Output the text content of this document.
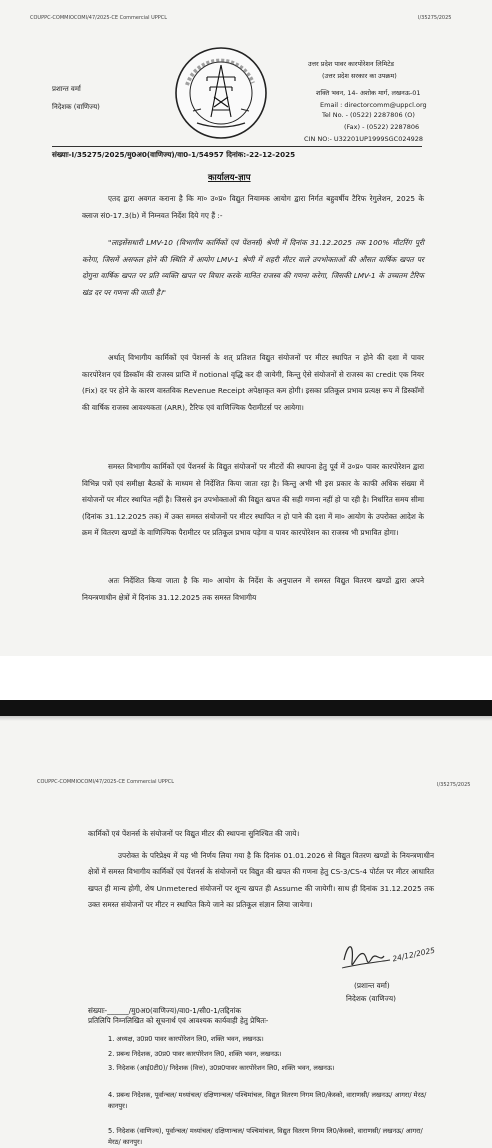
COUPPC-COMMIOCOMI/47/2025-CE Commercial UPPCL	I/35275/2025
प्रशान्त वर्मा
निदेशक (वाणिज्य)
उत्तर प्रदेश पावर कारपोरेशन लिमिटेड
(उत्तर प्रदेश सरकार का उपक्रम)
शक्ति भवन, 14- अशोक मार्ग, लखनऊ-01
Email : directorcomm@uppcl.org
Tel No. - (0522) 2287806 (O)
(Fax) - (0522) 2287806
CIN NO:- U32201UP1999SGC024928
संख्याः-I/35275/2025/मु0अ0(वाणिज्य)/वा0-1/54957 दिनांक:-22-12-2025
कार्यालय-ज्ञाप
एतद द्वारा अवगत कराना है कि मा० उ०प्र० विद्युत नियामक आयोग द्वारा निर्गत बहुवर्षीय टैरिफ रेगुलेशन, 2025 के क्लाज सं0-17.3(b) में निम्नवत निर्देश दिये गए हैं :-
"लाइसेंसधारी LMV-10 (विभागीय कार्मिकों एवं पेंशनर्स) श्रेणी में दिनांक 31.12.2025 तक 100% मीटरिंग पूरी करेगा, जिसमें असफल होने की स्थिति में आयोग LMV-1 श्रेणी में शहरी मीटर वाले उपभोक्ताओं की औसत वार्षिक खपत पर दोगुना वार्षिक खपत पर प्रति व्यक्ति खपत पर विचार करके मानित राजस्व की गणना करेगा, जिसकी LMV-1 के उच्चतम टैरिफ खंड दर पर गणना की जाती है।"
अर्थात् विभागीय कार्मिकों एवं पेंशनर्स के शत् प्रतिशत विद्युत संयोजनों पर मीटर स्थापित न होने की दशा में पावर कारपोरेशन एवं डिस्कॉम की राजस्व प्राप्ति में notional वृद्धि कर दी जायेगी, किन्तु ऐसे संयोजनों से राजस्व का credit एक नियर (Fix) दर पर होने के कारण वास्तविक Revenue Receipt अपेक्षाकृत कम होगी। इसका प्रतिकूल प्रभाव प्रत्यक्ष रूप में डिस्कॉमों की वार्षिक राजस्व आवश्यकता (ARR), टैरिफ एवं वाणिज्यिक पैरामीटर्स पर आयेगा।
समस्त विभागीय कार्मिकों एवं पेंशनर्स के विद्युत संयोजनों पर मीटरों की स्थापना हेतु पूर्व में उ०प्र० पावर कारपोरेशन द्वारा विभिन्न पत्रों एवं समीक्षा बैठकों के माध्यम से निर्देशित किया जाता रहा है। किन्तु अभी भी इस प्रकार के काफी अधिक संख्या में संयोजनों पर मीटर स्थापित नहीं है। जिससे इन उपभोक्ताओं की विद्युत खपत की सही गणना नहीं हो पा रही है। निर्धारित समय सीमा (दिनांक 31.12.2025 तक) में उक्त समस्त संयोजनों पर मीटर स्थापित न हो पाने की दशा में मा० आयोग के उपरोक्त आदेश के क्रम में वितरण खण्डों के वाणिज्यिक पैरामीटर पर प्रतिकूल प्रभाव पड़ेगा व पावर कारपोरेशन का राजस्व भी प्रभावित होगा।
अतः निर्देशित किया जाता है कि मा० आयोग के निर्देश के अनुपालन में समस्त विद्युत वितरण खण्डों द्वारा अपने नियन्त्रणाधीन क्षेत्रों में दिनांक 31.12.2025 तक समस्त विभागीय
COUPPC-COMMIOCOMI/47/2025-CE Commercial UPPCL	I/35275/2025
कार्मिकों एवं पेंशनर्स के संयोजनों पर विद्युत मीटर की स्थापना सुनिश्चित की जाये।
उपरोक्त के परिप्रेक्ष्य में यह भी निर्णय लिया गया है कि दिनांक 01.01.2026 से विद्युत वितरण खण्डों के नियन्त्रणाधीन क्षेत्रों में समस्त विभागीय कार्मिकों एवं पेंशनर्स के संयोजनों पर विद्युत की खपत की गणना हेतु CS-3/CS-4 पोर्टल पर मीटर आधारित खपत ही मान्य होगी, शेष Unmetered संयोजनों पर शून्य खपत ही Assume की जायेगी। साथ ही दिनांक 31.12.2025 तक उक्त समस्त संयोजनों पर मीटर न स्थापित किये जाने का प्रतिकूल संज्ञान लिया जायेगा।
24/12/2025
(प्रशान्त वर्मा)
निदेशक (वाणिज्य)
संख्याः-______/मु0अ0(वाणिज्य)/वा0-1/सी0-1/तद्दिनांक
प्रतिलिपि निम्नलिखित को सूचनार्थ एवं आवश्यक कार्यवाही हेतु प्रेषितः-
1. अध्यक्ष, उ0प्र0 पावर कारपोरेशन लि0, शक्ति भवन, लखनऊ।
2. प्रबन्ध निदेशक, उ0प्र0 पावर कारपोरेशन लि0, शक्ति भवन, लखनऊ।
3. निदेशक (आई0टी0)/ निदेशक (वित्त), उ0प्र0पावर कारपोरेशन लि0, शक्ति भवन, लखनऊ।
4. प्रबन्ध निदेशक, पूर्वान्चल/ मध्यांचल/ दक्षिणान्चल/ पश्चिमांचल, विद्युत वितरण निगम लि0/केस्को, वाराणसी/ लखनऊ/ आगरा/ मेरठ/ कानपुर।
5. निदेशक (वाणिज्य), पूर्वान्चल/ मध्यांचल/ दक्षिणान्चल/ पश्चिमांचल, विद्युत वितरण निगम लि0/केस्को, वाराणसी/ लखनऊ/ आगरा/ मेरठ/ कानपुर।
